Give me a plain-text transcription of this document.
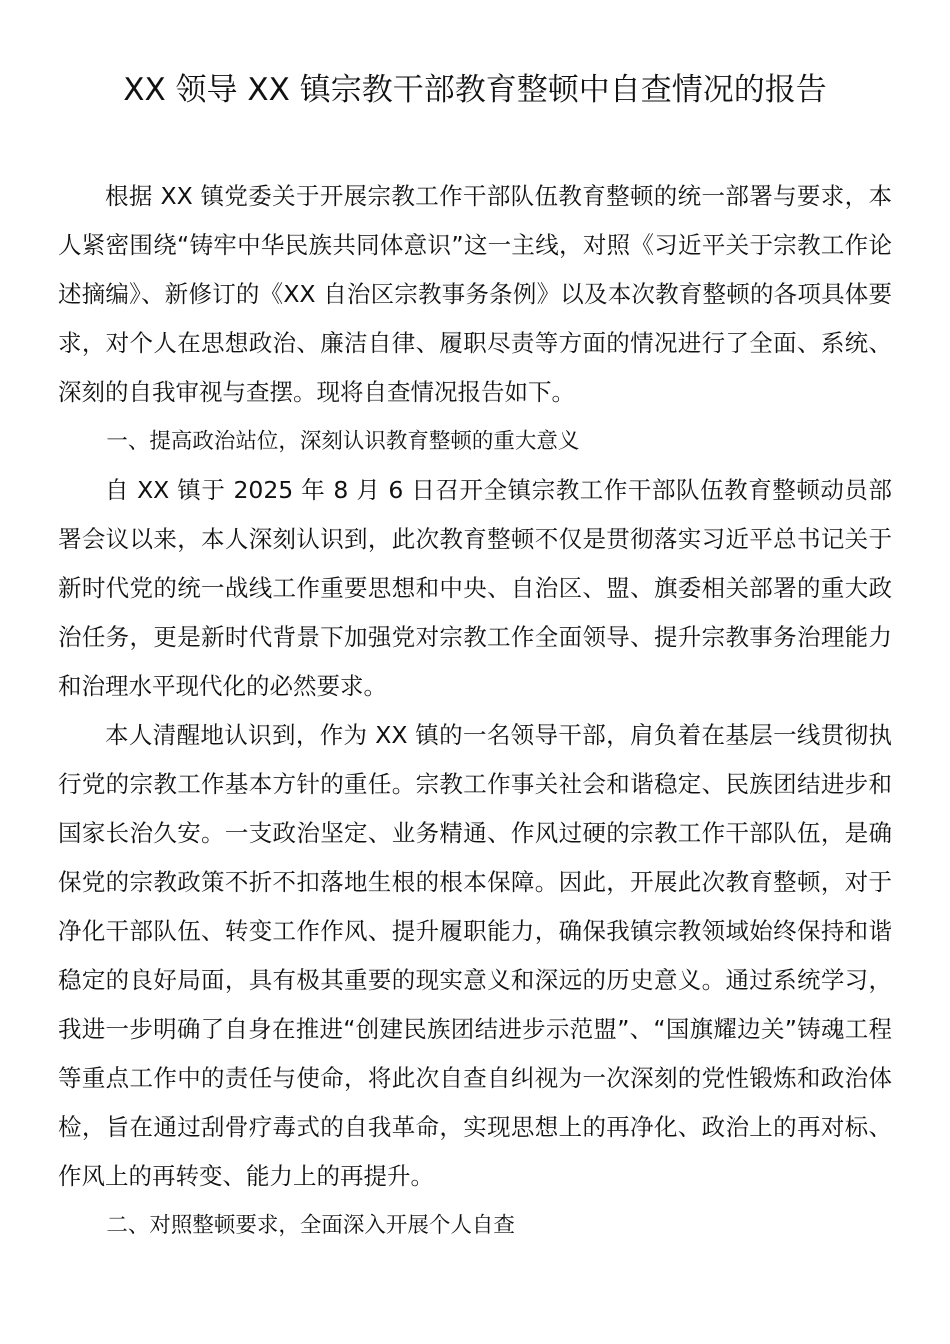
XX 领导 XX 镇宗教干部教育整顿中自查情况的报告

根据 XX 镇党委关于开展宗教工作干部队伍教育整顿的统一部署与要求，本人紧密围绕“铸牢中华民族共同体意识”这一主线，对照《习近平关于宗教工作论述摘编》、新修订的《XX 自治区宗教事务条例》以及本次教育整顿的各项具体要求，对个人在思想政治、廉洁自律、履职尽责等方面的情况进行了全面、系统、深刻的自我审视与查摆。现将自查情况报告如下。

一、提高政治站位，深刻认识教育整顿的重大意义

自 XX 镇于 2025 年 8 月 6 日召开全镇宗教工作干部队伍教育整顿动员部署会议以来，本人深刻认识到，此次教育整顿不仅是贯彻落实习近平总书记关于新时代党的统一战线工作重要思想和中央、自治区、盟、旗委相关部署的重大政治任务，更是新时代背景下加强党对宗教工作全面领导、提升宗教事务治理能力和治理水平现代化的必然要求。

本人清醒地认识到，作为 XX 镇的一名领导干部，肩负着在基层一线贯彻执行党的宗教工作基本方针的重任。宗教工作事关社会和谐稳定、民族团结进步和国家长治久安。一支政治坚定、业务精通、作风过硬的宗教工作干部队伍，是确保党的宗教政策不折不扣落地生根的根本保障。因此，开展此次教育整顿，对于净化干部队伍、转变工作作风、提升履职能力，确保我镇宗教领域始终保持和谐稳定的良好局面，具有极其重要的现实意义和深远的历史意义。通过系统学习，我进一步明确了自身在推进“创建民族团结进步示范盟”、“国旗耀边关”铸魂工程等重点工作中的责任与使命，将此次自查自纠视为一次深刻的党性锻炼和政治体检，旨在通过刮骨疗毒式的自我革命，实现思想上的再净化、政治上的再对标、作风上的再转变、能力上的再提升。

二、对照整顿要求，全面深入开展个人自查
